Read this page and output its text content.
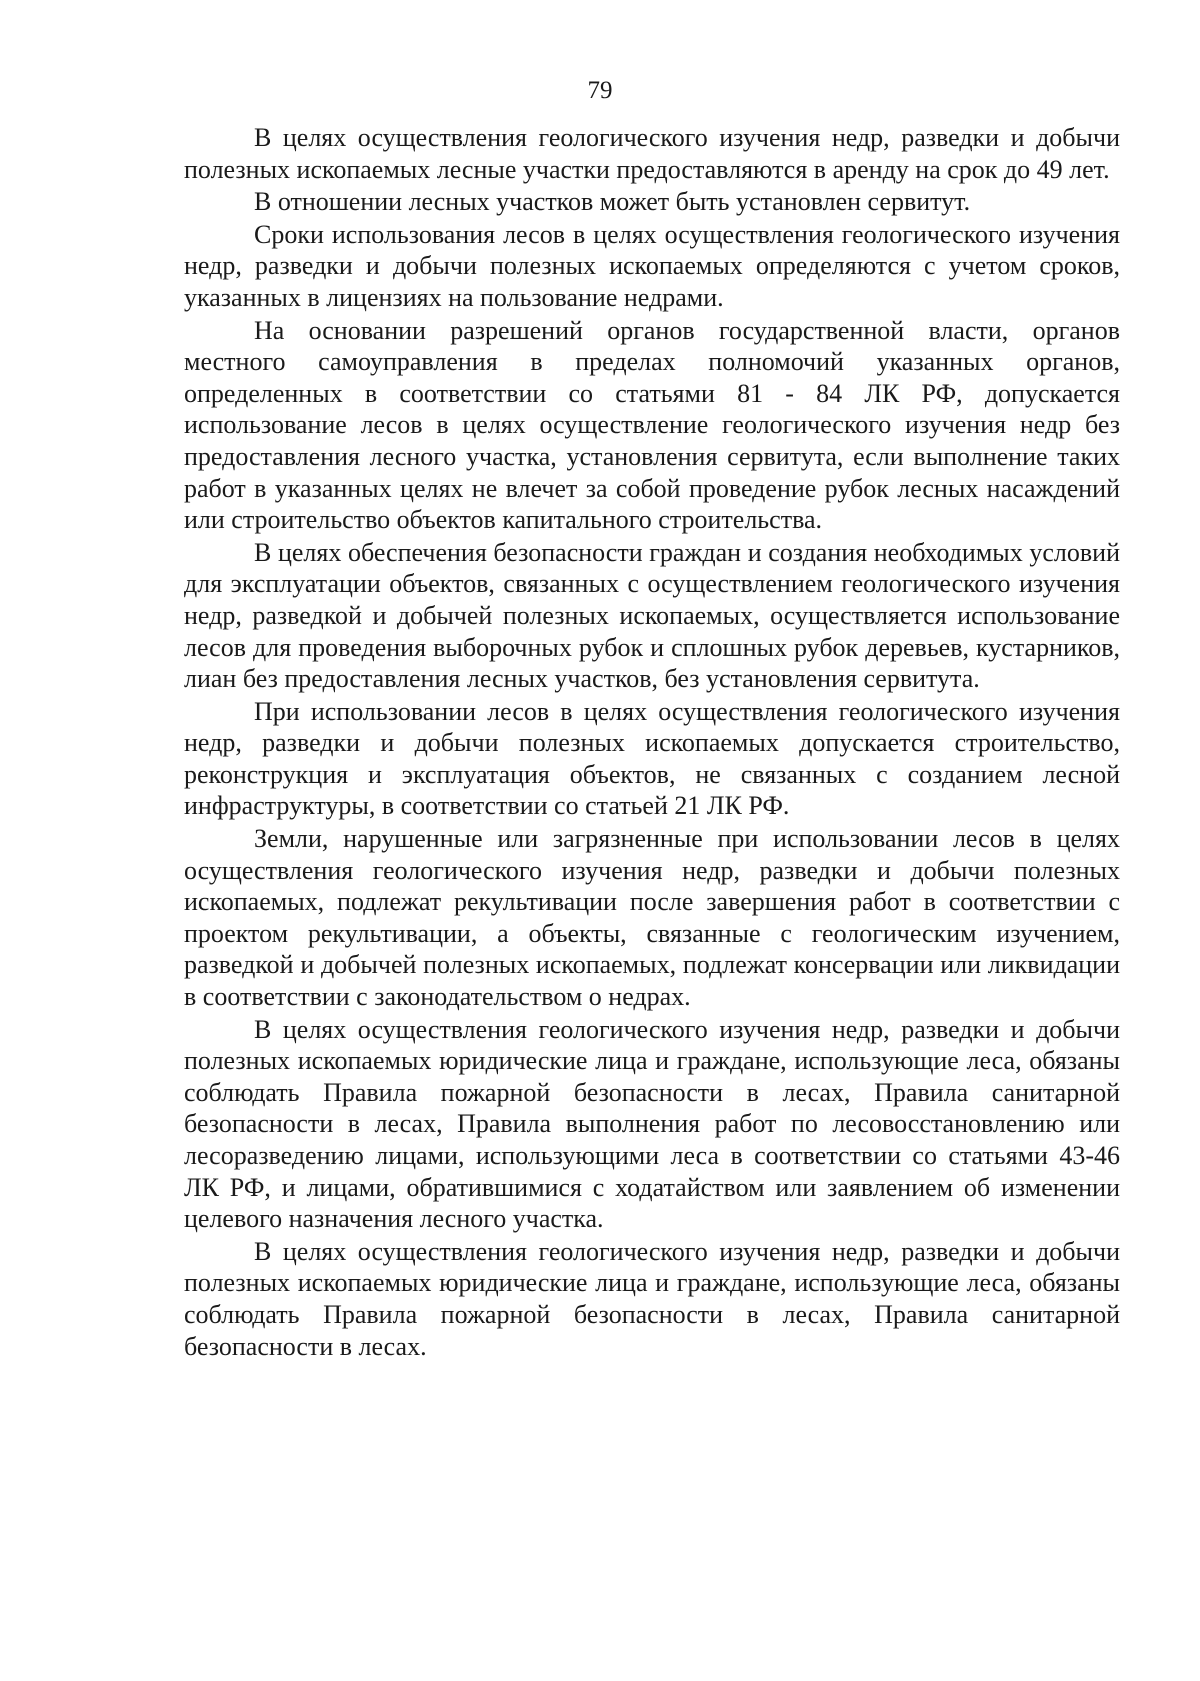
79

В целях осуществления геологического изучения недр, разведки и добычи полезных ископаемых лесные участки предоставляются в аренду на срок до 49 лет.

В отношении лесных участков может быть установлен сервитут.

Сроки использования лесов в целях осуществления геологического изучения недр, разведки и добычи полезных ископаемых определяются с учетом сроков, указанных в лицензиях на пользование недрами.

На основании разрешений органов государственной власти, органов местного самоуправления в пределах полномочий указанных органов, определенных в соответствии со статьями 81 - 84 ЛК РФ, допускается использование лесов в целях осуществление геологического изучения недр без предоставления лесного участка, установления сервитута, если выполнение таких работ в указанных целях не влечет за собой проведение рубок лесных насаждений или строительство объектов капитального строительства.

В целях обеспечения безопасности граждан и создания необходимых условий для эксплуатации объектов, связанных с осуществлением геологического изучения недр, разведкой и добычей полезных ископаемых, осуществляется использование лесов для проведения выборочных рубок и сплошных рубок деревьев, кустарников, лиан без предоставления лесных участков, без установления сервитута.

При использовании лесов в целях осуществления геологического изучения недр, разведки и добычи полезных ископаемых допускается строительство, реконструкция и эксплуатация объектов, не связанных с созданием лесной инфраструктуры, в соответствии со статьей 21 ЛК РФ.

Земли, нарушенные или загрязненные при использовании лесов в целях осуществления геологического изучения недр, разведки и добычи полезных ископаемых, подлежат рекультивации после завершения работ в соответствии с проектом рекультивации, а объекты, связанные с геологическим изучением, разведкой и добычей полезных ископаемых, подлежат консервации или ликвидации в соответствии с законодательством о недрах.

В целях осуществления геологического изучения недр, разведки и добычи полезных ископаемых юридические лица и граждане, использующие леса, обязаны соблюдать Правила пожарной безопасности в лесах, Правила санитарной безопасности в лесах, Правила выполнения работ по лесовосстановлению или лесоразведению лицами, использующими леса в соответствии со статьями 43-46 ЛК РФ, и лицами, обратившимися с ходатайством или заявлением об изменении целевого назначения лесного участка.

В целях осуществления геологического изучения недр, разведки и добычи полезных ископаемых юридические лица и граждане, использующие леса, обязаны соблюдать Правила пожарной безопасности в лесах, Правила санитарной безопасности в лесах.
